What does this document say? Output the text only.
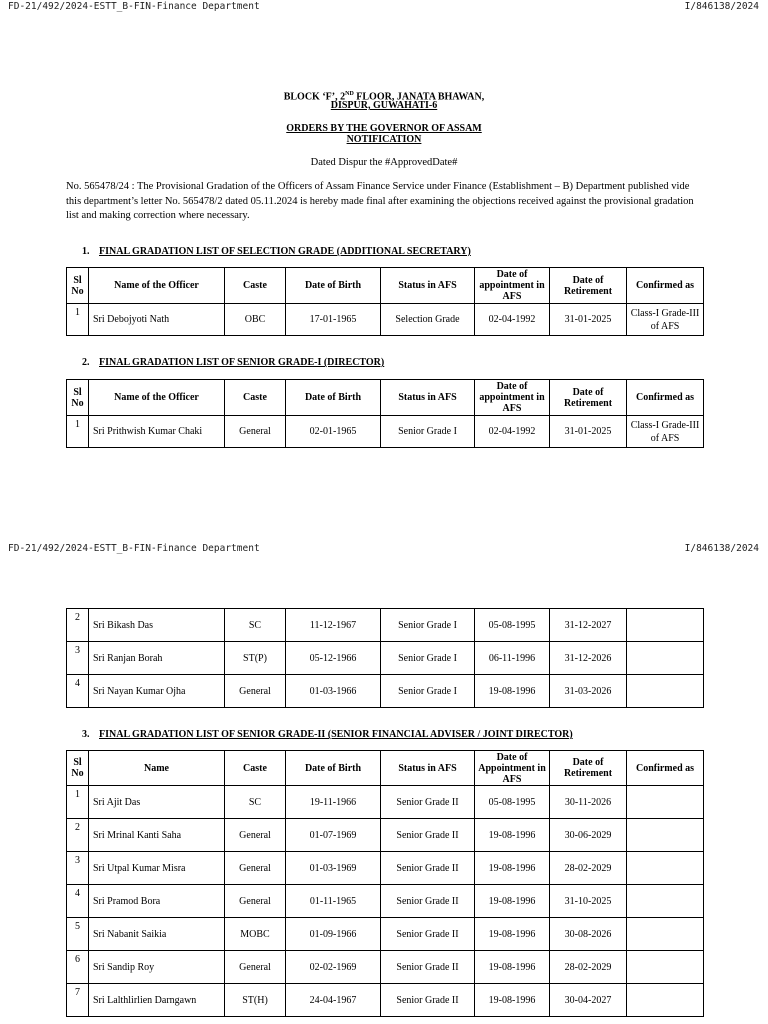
FD-21/492/2024-ESTT_B-FIN-Finance Department	I/846138/2024
BLOCK ‘F’, 2ND FLOOR, JANATA BHAWAN,
DISPUR, GUWAHATI-6
ORDERS BY THE GOVERNOR OF ASSAM
NOTIFICATION
Dated Dispur the #ApprovedDate#
No. 565478/24 : The Provisional Gradation of the Officers of Assam Finance Service under Finance (Establishment – B) Department published vide this department’s letter No. 565478/2 dated 05.11.2024 is hereby made final after examining the objections received against the provisional gradation list and making correction where necessary.
1. FINAL GRADATION LIST OF SELECTION GRADE (ADDITIONAL SECRETARY)
Sl No	Name of the Officer	Caste	Date of Birth	Status in AFS	Date of appointment in AFS	Date of Retirement	Confirmed as
1	Sri Debojyoti Nath	OBC	17-01-1965	Selection Grade	02-04-1992	31-01-2025	Class-I Grade-III of AFS
2. FINAL GRADATION LIST OF SENIOR GRADE-I (DIRECTOR)
Sl No	Name of the Officer	Caste	Date of Birth	Status in AFS	Date of appointment in AFS	Date of Retirement	Confirmed as
1	Sri Prithwish Kumar Chaki	General	02-01-1965	Senior Grade I	02-04-1992	31-01-2025	Class-I Grade-III of AFS
FD-21/492/2024-ESTT_B-FIN-Finance Department	I/846138/2024
2	Sri Bikash Das	SC	11-12-1967	Senior Grade I	05-08-1995	31-12-2027	
3	Sri Ranjan Borah	ST(P)	05-12-1966	Senior Grade I	06-11-1996	31-12-2026	
4	Sri Nayan Kumar Ojha	General	01-03-1966	Senior Grade I	19-08-1996	31-03-2026	
3. FINAL GRADATION LIST OF SENIOR GRADE-II (SENIOR FINANCIAL ADVISER / JOINT DIRECTOR)
Sl No	Name	Caste	Date of Birth	Status in AFS	Date of Appointment in AFS	Date of Retirement	Confirmed as
1	Sri Ajit Das	SC	19-11-1966	Senior Grade II	05-08-1995	30-11-2026	
2	Sri Mrinal Kanti Saha	General	01-07-1969	Senior Grade II	19-08-1996	30-06-2029	
3	Sri Utpal Kumar Misra	General	01-03-1969	Senior Grade II	19-08-1996	28-02-2029	
4	Sri Pramod Bora	General	01-11-1965	Senior Grade II	19-08-1996	31-10-2025	
5	Sri Nabanit Saikia	MOBC	01-09-1966	Senior Grade II	19-08-1996	30-08-2026	
6	Sri Sandip Roy	General	02-02-1969	Senior Grade II	19-08-1996	28-02-2029	
7	Sri Lalthlirlien Darngawn	ST(H)	24-04-1967	Senior Grade II	19-08-1996	30-04-2027	
